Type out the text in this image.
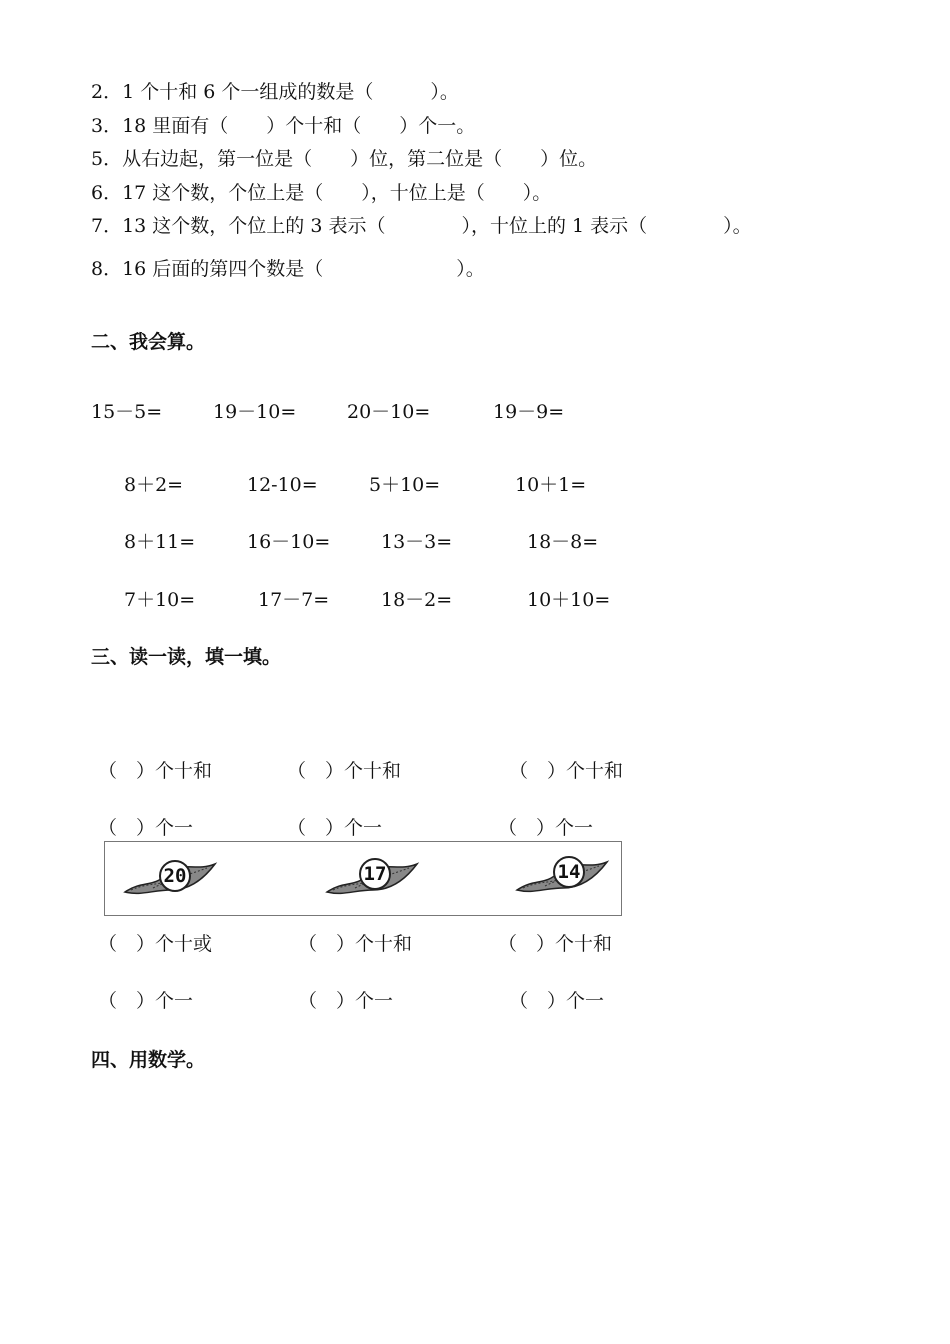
2．1 个十和 6 个一组成的数是（　　　）。
3．18 里面有（　　）个十和（　　）个一。
5．从右边起，第一位是（　　）位，第二位是（　　）位。
6．17 这个数，个位上是（　　），十位上是（　　）。
7．13 这个数，个位上的 3 表示（　　　　），十位上的 1 表示（　　　　）。
8．16 后面的第四个数是（　　　　　　　）。
二、我会算。
15－5=	19－10=	20－10=	19－9=
8＋2=	12-10=	5＋10=	10＋1=
8＋11=	16－10=	13－3=	18－8=
7＋10=	17－7=	18－2=	10＋10=
三、读一读，填一填。
（　）个十和	（　）个十和	（　）个十和
（　）个一	（　）个一	（　）个一
20	17	14
（　）个十或	（　）个十和	（　）个十和
（　）个一	（　）个一	（　）个一
四、用数学。
